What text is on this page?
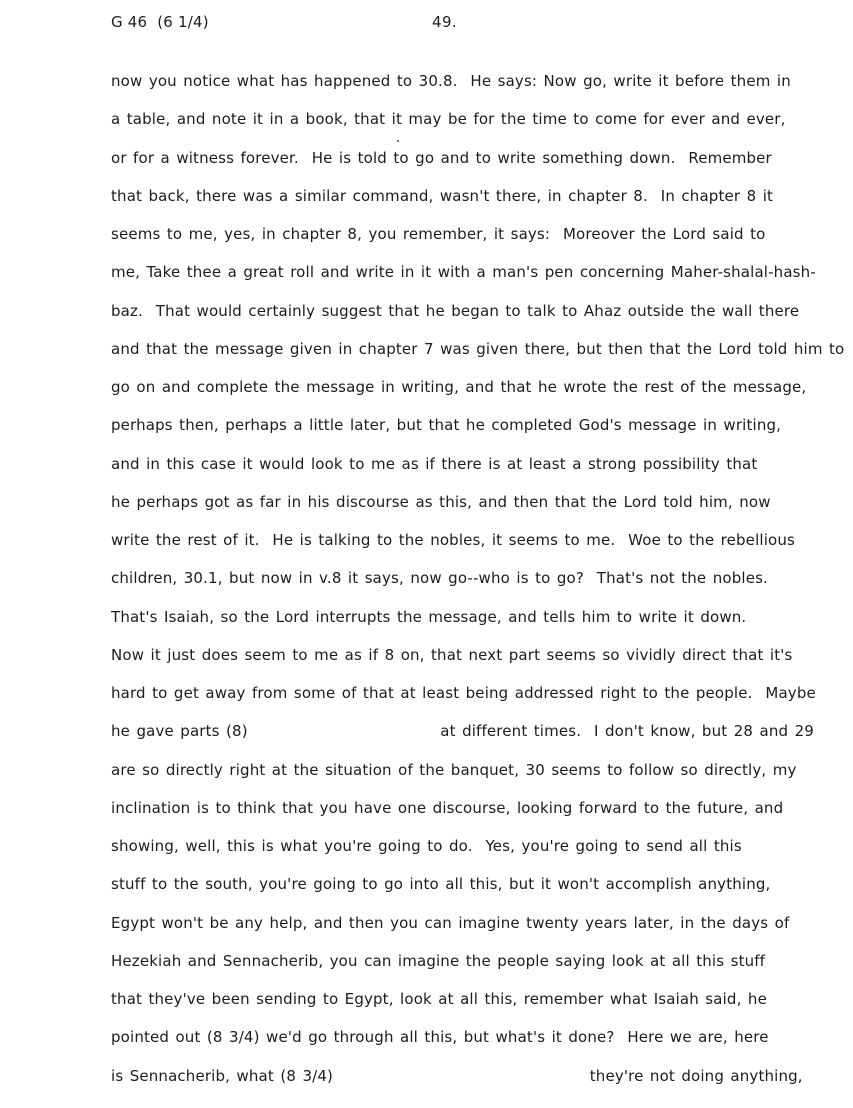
G 46  (6 1/4)	49.
now you notice what has happened to 30.8.  He says: Now go, write it before them in
a table, and note it in a book, that it may be for the time to come for ever and ever,
or for a witness forever.  He is told to go and to write something down.  Remember
that back, there was a similar command, wasn't there, in chapter 8.  In chapter 8 it
seems to me, yes, in chapter 8, you remember, it says:  Moreover the Lord said to
me, Take thee a great roll and write in it with a man's pen concerning Maher-shalal-hash-
baz.  That would certainly suggest that he began to talk to Ahaz outside the wall there
and that the message given in chapter 7 was given there, but then that the Lord told him to
go on and complete the message in writing, and that he wrote the rest of the message,
perhaps then, perhaps a little later, but that he completed God's message in writing,
and in this case it would look to me as if there is at least a strong possibility that
he perhaps got as far in his discourse as this, and then that the Lord told him, now
write the rest of it.  He is talking to the nobles, it seems to me.  Woe to the rebellious
children, 30.1, but now in v.8 it says, now go--who is to go?  That's not the nobles.
That's Isaiah, so the Lord interrupts the message, and tells him to write it down.
Now it just does seem to me as if 8 on, that next part seems so vividly direct that it's
hard to get away from some of that at least being addressed right to the people.  Maybe
he gave parts (8)                              at different times.  I don't know, but 28 and 29
are so directly right at the situation of the banquet, 30 seems to follow so directly, my
inclination is to think that you have one discourse, looking forward to the future, and
showing, well, this is what you're going to do.  Yes, you're going to send all this
stuff to the south, you're going to go into all this, but it won't accomplish anything,
Egypt won't be any help, and then you can imagine twenty years later, in the days of
Hezekiah and Sennacherib, you can imagine the people saying look at all this stuff
that they've been sending to Egypt, look at all this, remember what Isaiah said, he
pointed out (8 3/4) we'd go through all this, but what's it done?  Here we are, here
is Sennacherib, what (8 3/4)                                        they're not doing anything,
